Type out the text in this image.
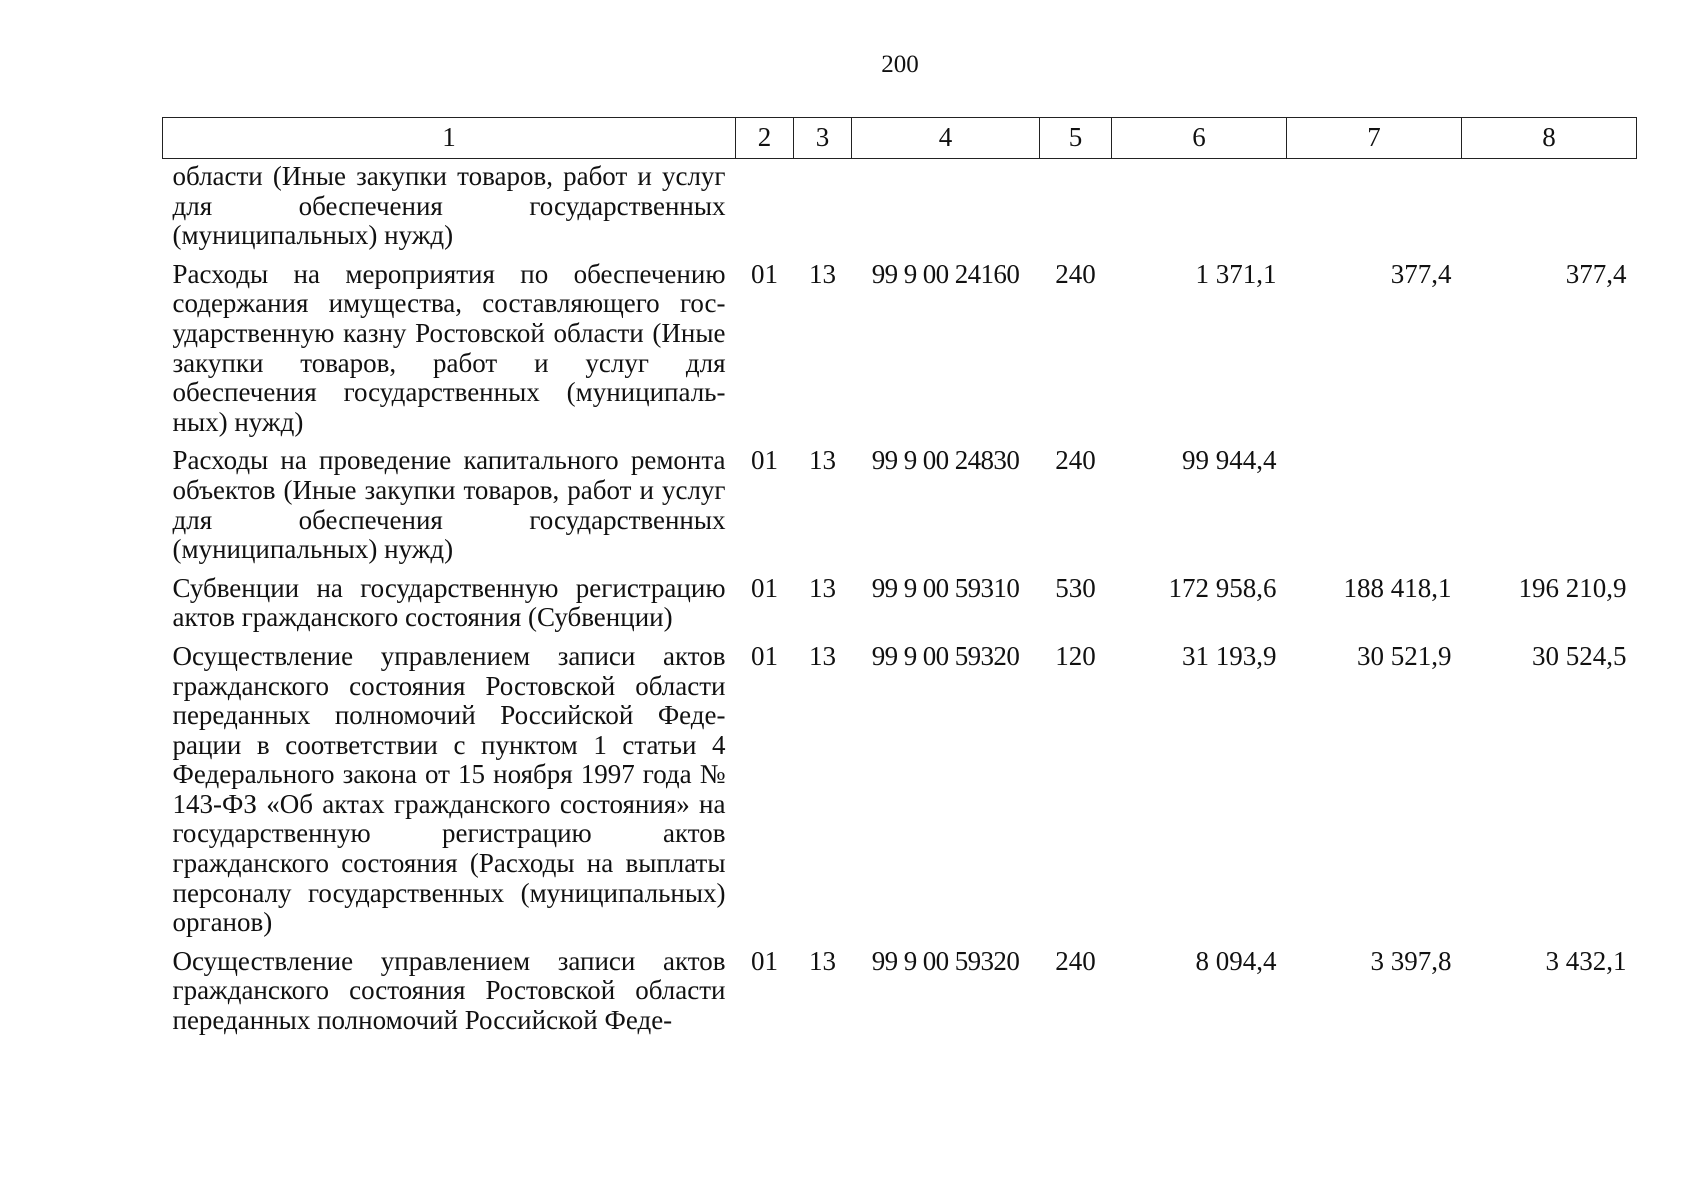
200
1	2	3	4	5	6	7	8
области (Иные закупки товаров, работ и услуг для обеспечения государственных (муниципальных) нужд)							
Расходы на мероприятия по обеспечению содержания имущества, составляющего государственную казну Ростовской области (Иные закупки товаров, работ и услуг для обеспечения государственных (муниципальных) нужд)	01	13	99 9 00 24160	240	1 371,1	377,4	377,4
Расходы на проведение капитального ремонта объектов (Иные закупки товаров, работ и услуг для обеспечения государственных (муниципальных) нужд)	01	13	99 9 00 24830	240	99 944,4		
Субвенции на государственную регистрацию актов гражданского состояния (Субвенции)	01	13	99 9 00 59310	530	172 958,6	188 418,1	196 210,9
Осуществление управлением записи актов гражданского состояния Ростовской области переданных полномочий Российской Федерации в соответствии с пунктом 1 статьи 4 Федерального закона от 15 ноября 1997 года № 143-ФЗ «Об актах гражданского состояния» на государственную регистрацию актов гражданского состояния (Расходы на выплаты персоналу государственных (муниципальных) органов)	01	13	99 9 00 59320	120	31 193,9	30 521,9	30 524,5
Осуществление управлением записи актов гражданского состояния Ростовской области переданных полномочий Российской Феде-	01	13	99 9 00 59320	240	8 094,4	3 397,8	3 432,1
